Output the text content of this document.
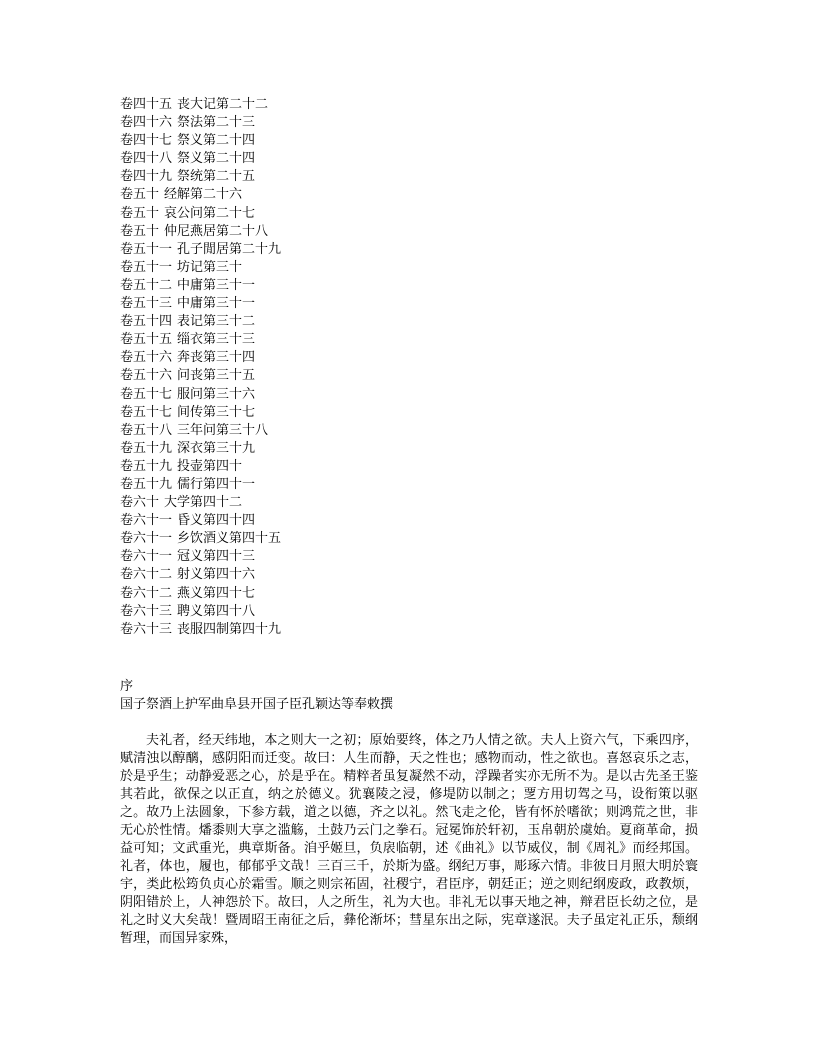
卷四十五 丧大记第二十二
卷四十六 祭法第二十三
卷四十七 祭义第二十四
卷四十八 祭义第二十四
卷四十九 祭统第二十五
卷五十 经解第二十六
卷五十 哀公问第二十七
卷五十 仲尼燕居第二十八
卷五十一 孔子閒居第二十九
卷五十一 坊记第三十
卷五十二 中庸第三十一
卷五十三 中庸第三十一
卷五十四 表记第三十二
卷五十五 缁衣第三十三
卷五十六 奔丧第三十四
卷五十六 问丧第三十五
卷五十七 服问第三十六
卷五十七 间传第三十七
卷五十八 三年问第三十八
卷五十九 深衣第三十九
卷五十九 投壶第四十
卷五十九 儒行第四十一
卷六十 大学第四十二
卷六十一 昏义第四十四
卷六十一 乡饮酒义第四十五
卷六十一 冠义第四十三
卷六十二 射义第四十六
卷六十二 燕义第四十七
卷六十三 聘义第四十八
卷六十三 丧服四制第四十九
序
国子祭酒上护军曲阜县开国子臣孔颖达等奉敕撰

夫礼者，经天纬地，本之则大一之初；原始要终，体之乃人情之欲。夫人上资六气，下乘四序，赋清浊以醇醨，感阴阳而迁变。故曰：人生而静，天之性也；感物而动，性之欲也。喜怒哀乐之志，於是乎生；动静爱恶之心，於是乎在。精粹者虽复凝然不动，浮躁者实亦无所不为。是以古先圣王鉴其若此，欲保之以正直，纳之於德义。犹襄陵之浸，修堤防以制之；覂方用切驾之马，设衔策以驱之。故乃上法圆象，下参方载，道之以德，齐之以礼。然飞走之伦，皆有怀於嗜欲；则鸿荒之世，非无心於性情。燔黍则大享之滥觞，土鼓乃云门之拳石。冠冕饰於轩初，玉帛朝於虞始。夏商革命，损益可知；文武重光，典章斯备。洎乎姬旦，负扆临朝，述《曲礼》以节威仪，制《周礼》而经邦国。礼者，体也，履也，郁郁乎文哉！三百三千，於斯为盛。纲纪万事，彫琢六情。非彼日月照大明於寰宇，类此松筠负贞心於霜雪。顺之则宗祏固，社稷宁，君臣序，朝廷正；逆之则纪纲废政，政教烦，阴阳错於上，人神怨於下。故曰，人之所生，礼为大也。非礼无以事天地之神，辩君臣长幼之位，是礼之时义大矣哉！暨周昭王南征之后，彝伦渐坏；彗星东出之际，宪章遂泯。夫子虽定礼正乐，颓纲暂理，而国异家殊，
